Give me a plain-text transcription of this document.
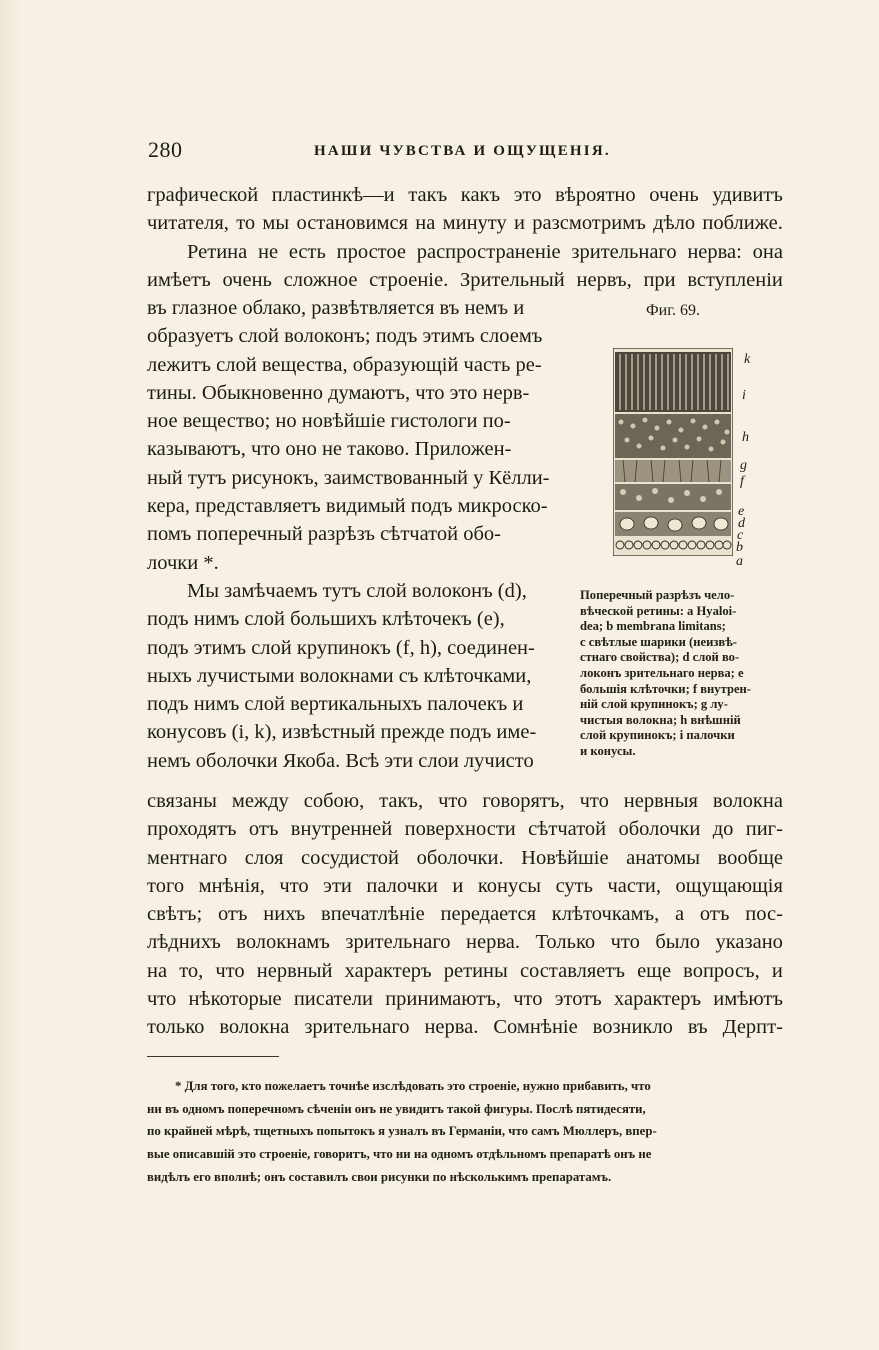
280	НАШИ ЧУВСТВА И ОЩУЩЕНІЯ.
графической пластинкѣ—и такъ какъ это вѣроятно очень удивитъ
читателя, то мы остановимся на минуту и разсмотримъ дѣло поближе.
Ретина не есть простое распространеніе зрительнаго нерва: она
имѣетъ очень сложное строеніе. Зрительный нервъ, при вступленіи
въ глазное облако, развѣтвляется въ немъ и
образуетъ слой волоконъ; подъ этимъ слоемъ
лежитъ слой вещества, образующій часть ре-
тины. Обыкновенно думаютъ, что это нерв-
ное вещество; но новѣйшіе гистологи по-
казываютъ, что оно не таково. Приложен-
ный тутъ рисунокъ, заимствованный у Кёлли-
кера, представляетъ видимый подъ микроско-
помъ поперечный разрѣзъ сѣтчатой обо-
лочки *.
Мы замѣчаемъ тутъ слой волоконъ (d),
подъ нимъ слой большихъ клѣточекъ (e),
подъ этимъ слой крупинокъ (f, h), соединен-
ныхъ лучистыми волокнами съ клѣточками,
подъ нимъ слой вертикальныхъ палочекъ и
конусовъ (i, k), извѣстный прежде подъ име-
немъ оболочки Якоба. Всѣ эти слои лучисто
Фиг. 69.
k
i
h
g
f
e
d
c
b
a
Поперечный разрѣзъ чело-
вѣческой ретины: a Hyaloi-
dea; b membrana limitans;
c свѣтлые шарики (неизвѣ-
стнаго свойства); d слой во-
локонъ зрительнаго нерва; e
большія клѣточки; f внутрен-
ній слой крупинокъ; g лу-
чистыя волокна; h внѣшній
слой крупинокъ; i палочки
и конусы.
связаны между собою, такъ, что говорятъ, что нервныя волокна
проходятъ отъ внутренней поверхности сѣтчатой оболочки до пиг-
ментнаго слоя сосудистой оболочки. Новѣйшіе анатомы вообще
того мнѣнія, что эти палочки и конусы суть части, ощущающія
свѣтъ; отъ нихъ впечатлѣніе передается клѣточкамъ, а отъ пос-
лѣднихъ волокнамъ зрительнаго нерва. Только что было указано
на то, что нервный характеръ ретины составляетъ еще вопросъ, и
что нѣкоторые писатели принимаютъ, что этотъ характеръ имѣютъ
только волокна зрительнаго нерва. Сомнѣніе возникло въ Дерпт-
* Для того, кто пожелаетъ точнѣе изслѣдовать это строеніе, нужно прибавить, что
ни въ одномъ поперечномъ сѣченіи онъ не увидитъ такой фигуры. Послѣ пятидесяти,
по крайней мѣрѣ, тщетныхъ попытокъ я узналъ въ Германіи, что самъ Мюллеръ, впер-
вые описавшій это строеніе, говоритъ, что ни на одномъ отдѣльномъ препаратѣ онъ не
видѣлъ его вполнѣ; онъ составилъ свои рисунки по нѣсколькимъ препаратамъ.
